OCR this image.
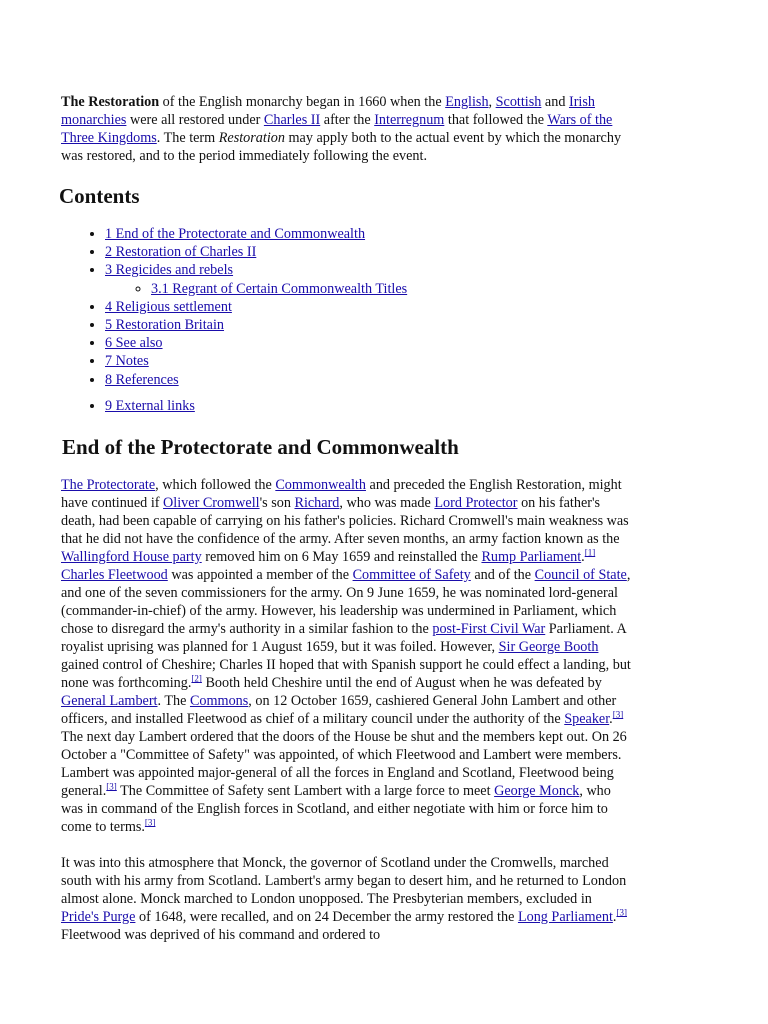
The Restoration of the English monarchy began in 1660 when the English, Scottish and Irish monarchies were all restored under Charles II after the Interregnum that followed the Wars of the Three Kingdoms. The term Restoration may apply both to the actual event by which the monarchy was restored, and to the period immediately following the event.

Contents
• 1 End of the Protectorate and Commonwealth
• 2 Restoration of Charles II
• 3 Regicides and rebels
◦ 3.1 Regrant of Certain Commonwealth Titles
• 4 Religious settlement
• 5 Restoration Britain
• 6 See also
• 7 Notes
• 8 References
• 9 External links
End of the Protectorate and Commonwealth

The Protectorate, which followed the Commonwealth and preceded the English Restoration, might have continued if Oliver Cromwell's son Richard, who was made Lord Protector on his father's death, had been capable of carrying on his father's policies. Richard Cromwell's main weakness was that he did not have the confidence of the army. After seven months, an army faction known as the Wallingford House party removed him on 6 May 1659 and reinstalled the Rump Parliament.[1] Charles Fleetwood was appointed a member of the Committee of Safety and of the Council of State, and one of the seven commissioners for the army. On 9 June 1659, he was nominated lord-general (commander-in-chief) of the army. However, his leadership was undermined in Parliament, which chose to disregard the army's authority in a similar fashion to the post-First Civil War Parliament. A royalist uprising was planned for 1 August 1659, but it was foiled. However, Sir George Booth gained control of Cheshire; Charles II hoped that with Spanish support he could effect a landing, but none was forthcoming.[2] Booth held Cheshire until the end of August when he was defeated by General Lambert. The Commons, on 12 October 1659, cashiered General John Lambert and other officers, and installed Fleetwood as chief of a military council under the authority of the Speaker.[3] The next day Lambert ordered that the doors of the House be shut and the members kept out. On 26 October a "Committee of Safety" was appointed, of which Fleetwood and Lambert were members. Lambert was appointed major-general of all the forces in England and Scotland, Fleetwood being general.[3] The Committee of Safety sent Lambert with a large force to meet George Monck, who was in command of the English forces in Scotland, and either negotiate with him or force him to come to terms.[3]

It was into this atmosphere that Monck, the governor of Scotland under the Cromwells, marched south with his army from Scotland. Lambert's army began to desert him, and he returned to London almost alone. Monck marched to London unopposed. The Presbyterian members, excluded in Pride's Purge of 1648, were recalled, and on 24 December the army restored the Long Parliament.[3] Fleetwood was deprived of his command and ordered to
